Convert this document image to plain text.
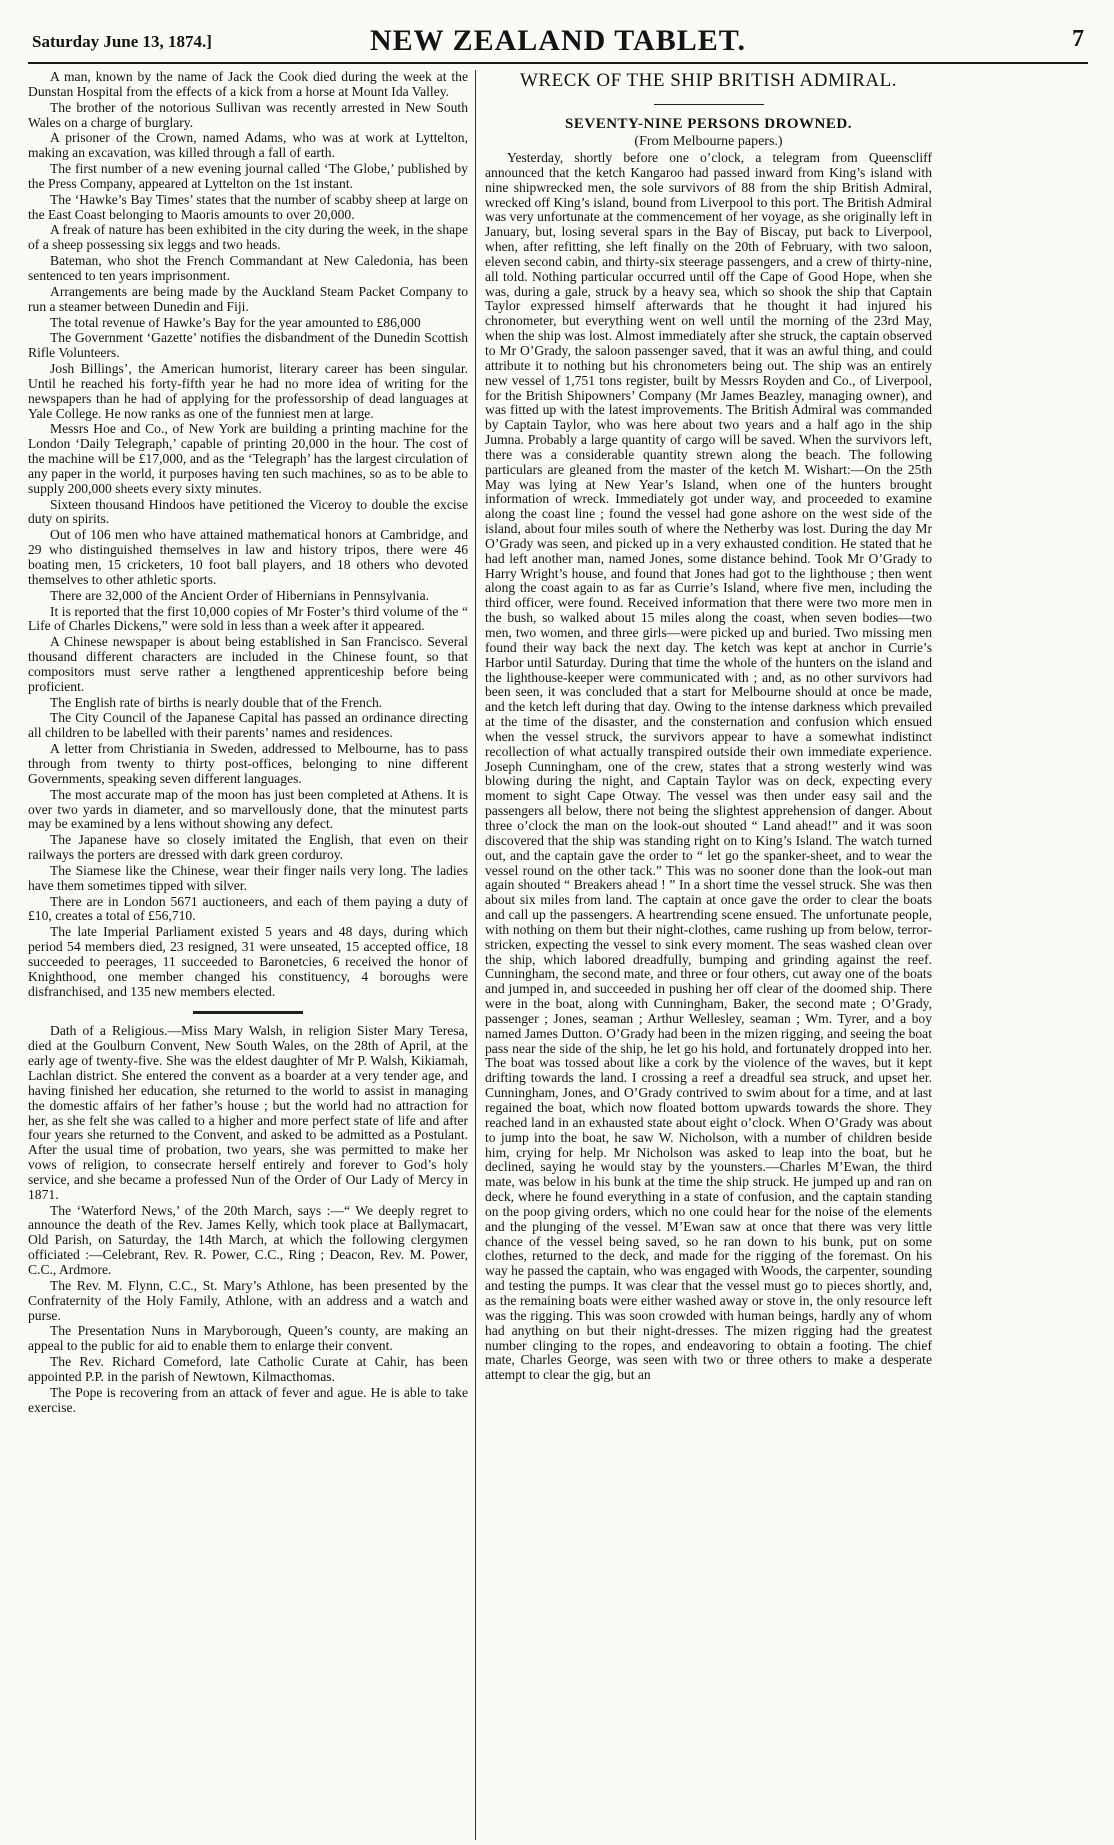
Saturday June 13, 1874.]	NEW ZEALAND TABLET.	7

A man, known by the name of Jack the Cook died during the week at the Dunstan Hospital from the effects of a kick from a horse at Mount Ida Valley.

The brother of the notorious Sullivan was recently arrested in New South Wales on a charge of burglary.

A prisoner of the Crown, named Adams, who was at work at Lyttelton, making an excavation, was killed through a fall of earth.

The first number of a new evening journal called ‘The Globe,’ published by the Press Company, appeared at Lyttelton on the 1st instant.

The ‘Hawke’s Bay Times’ states that the number of scabby sheep at large on the East Coast belonging to Maoris amounts to over 20,000.

A freak of nature has been exhibited in the city during the week, in the shape of a sheep possessing six leggs and two heads.

Bateman, who shot the French Commandant at New Caledonia, has been sentenced to ten years imprisonment.

Arrangements are being made by the Auckland Steam Packet Company to run a steamer between Dunedin and Fiji.

The total revenue of Hawke’s Bay for the year amounted to £86,000

The Government ‘Gazette’ notifies the disbandment of the Dunedin Scottish Rifle Volunteers.

Josh Billings’, the American humorist, literary career has been singular. Until he reached his forty-fifth year he had no more idea of writing for the newspapers than he had of applying for the professorship of dead languages at Yale College. He now ranks as one of the funniest men at large.

Messrs Hoe and Co., of New York are building a printing machine for the London ‘Daily Telegraph,’ capable of printing 20,000 in the hour. The cost of the machine will be £17,000, and as the ‘Telegraph’ has the largest circulation of any paper in the world, it purposes having ten such machines, so as to be able to supply 200,000 sheets every sixty minutes.

Sixteen thousand Hindoos have petitioned the Viceroy to double the excise duty on spirits.

Out of 106 men who have attained mathematical honors at Cambridge, and 29 who distinguished themselves in law and history tripos, there were 46 boating men, 15 cricketers, 10 foot ball players, and 18 others who devoted themselves to other athletic sports.

There are 32,000 of the Ancient Order of Hibernians in Pennsylvania.

It is reported that the first 10,000 copies of Mr Foster’s third volume of the “ Life of Charles Dickens,” were sold in less than a week after it appeared.

A Chinese newspaper is about being established in San Francisco. Several thousand different characters are included in the Chinese fount, so that compositors must serve rather a lengthened apprenticeship before being proficient.

The English rate of births is nearly double that of the French.

The City Council of the Japanese Capital has passed an ordinance directing all children to be labelled with their parents’ names and residences.

A letter from Christiania in Sweden, addressed to Melbourne, has to pass through from twenty to thirty post-offices, belonging to nine different Governments, speaking seven different languages.

The most accurate map of the moon has just been completed at Athens. It is over two yards in diameter, and so marvellously done, that the minutest parts may be examined by a lens without showing any defect.

The Japanese have so closely imitated the English, that even on their railways the porters are dressed with dark green corduroy.

The Siamese like the Chinese, wear their finger nails very long. The ladies have them sometimes tipped with silver.

There are in London 5671 auctioneers, and each of them paying a duty of £10, creates a total of £56,710.

The late Imperial Parliament existed 5 years and 48 days, during which period 54 members died, 23 resigned, 31 were unseated, 15 accepted office, 18 succeeded to peerages, 11 succeeded to Baronetcies, 6 received the honor of Knighthood, one member changed his constituency, 4 boroughs were disfranchised, and 135 new members elected.

Dath of a Religious.—Miss Mary Walsh, in religion Sister Mary Teresa, died at the Goulburn Convent, New South Wales, on the 28th of April, at the early age of twenty-five. She was the eldest daughter of Mr P. Walsh, Kikiamah, Lachlan district. She entered the convent as a boarder at a very tender age, and having finished her education, she returned to the world to assist in managing the domestic affairs of her father’s house ; but the world had no attraction for her, as she felt she was called to a higher and more perfect state of life and after four years she returned to the Convent, and asked to be admitted as a Postulant. After the usual time of probation, two years, she was permitted to make her vows of religion, to consecrate herself entirely and forever to God’s holy service, and she became a professed Nun of the Order of Our Lady of Mercy in 1871.

The ‘Waterford News,’ of the 20th March, says :—“ We deeply regret to announce the death of the Rev. James Kelly, which took place at Ballymacart, Old Parish, on Saturday, the 14th March, at which the following clergymen officiated :—Celebrant, Rev. R. Power, C.C., Ring ; Deacon, Rev. M. Power, C.C., Ardmore.

The Rev. M. Flynn, C.C., St. Mary’s Athlone, has been presented by the Confraternity of the Holy Family, Athlone, with an address and a watch and purse.

The Presentation Nuns in Maryborough, Queen’s county, are making an appeal to the public for aid to enable them to enlarge their convent.

The Rev. Richard Comeford, late Catholic Curate at Cahir, has been appointed P.P. in the parish of Newtown, Kilmacthomas.

The Pope is recovering from an attack of fever and ague. He is able to take exercise.

WRECK OF THE SHIP BRITISH ADMIRAL.
SEVENTY-NINE PERSONS DROWNED.
(From Melbourne papers.)

Yesterday, shortly before one o’clock, a telegram from Queenscliff announced that the ketch Kangaroo had passed inward from King’s island with nine shipwrecked men, the sole survivors of 88 from the ship British Admiral, wrecked off King’s island, bound from Liverpool to this port. The British Admiral was very unfortunate at the commencement of her voyage, as she originally left in January, but, losing several spars in the Bay of Biscay, put back to Liverpool, when, after refitting, she left finally on the 20th of February, with two saloon, eleven second cabin, and thirty-six steerage passengers, and a crew of thirty-nine, all told. Nothing particular occurred until off the Cape of Good Hope, when she was, during a gale, struck by a heavy sea, which so shook the ship that Captain Taylor expressed himself afterwards that he thought it had injured his chronometer, but everything went on well until the morning of the 23rd May, when the ship was lost. Almost immediately after she struck, the captain observed to Mr O’Grady, the saloon passenger saved, that it was an awful thing, and could attribute it to nothing but his chronometers being out. The ship was an entirely new vessel of 1,751 tons register, built by Messrs Royden and Co., of Liverpool, for the British Shipowners’ Company (Mr James Beazley, managing owner), and was fitted up with the latest improvements. The British Admiral was commanded by Captain Taylor, who was here about two years and a half ago in the ship Jumna. Probably a large quantity of cargo will be saved. When the survivors left, there was a considerable quantity strewn along the beach. The following particulars are gleaned from the master of the ketch M. Wishart:—On the 25th May was lying at New Year’s Island, when one of the hunters brought information of wreck. Immediately got under way, and proceeded to examine along the coast line ; found the vessel had gone ashore on the west side of the island, about four miles south of where the Netherby was lost. During the day Mr O’Grady was seen, and picked up in a very exhausted condition. He stated that he had left another man, named Jones, some distance behind. Took Mr O’Grady to Harry Wright’s house, and found that Jones had got to the lighthouse ; then went along the coast again to as far as Currie’s Island, where five men, including the third officer, were found. Received information that there were two more men in the bush, so walked about 15 miles along the coast, when seven bodies—two men, two women, and three girls—were picked up and buried. Two missing men found their way back the next day. The ketch was kept at anchor in Currie’s Harbor until Saturday. During that time the whole of the hunters on the island and the lighthouse-keeper were communicated with ; and, as no other survivors had been seen, it was concluded that a start for Melbourne should at once be made, and the ketch left during that day. Owing to the intense darkness which prevailed at the time of the disaster, and the consternation and confusion which ensued when the vessel struck, the survivors appear to have a somewhat indistinct recollection of what actually transpired outside their own immediate experience. Joseph Cunningham, one of the crew, states that a strong westerly wind was blowing during the night, and Captain Taylor was on deck, expecting every moment to sight Cape Otway. The vessel was then under easy sail and the passengers all below, there not being the slightest apprehension of danger. About three o’clock the man on the look-out shouted “ Land ahead!” and it was soon discovered that the ship was standing right on to King’s Island. The watch turned out, and the captain gave the order to “ let go the spanker-sheet, and to wear the vessel round on the other tack.” This was no sooner done than the look-out man again shouted “ Breakers ahead ! ” In a short time the vessel struck. She was then about six miles from land. The captain at once gave the order to clear the boats and call up the passengers. A heartrending scene ensued. The unfortunate people, with nothing on them but their night-clothes, came rushing up from below, terror-stricken, expecting the vessel to sink every moment. The seas washed clean over the ship, which labored dreadfully, bumping and grinding against the reef. Cunningham, the second mate, and three or four others, cut away one of the boats and jumped in, and succeeded in pushing her off clear of the doomed ship. There were in the boat, along with Cunningham, Baker, the second mate ; O’Grady, passenger ; Jones, seaman ; Arthur Wellesley, seaman ; Wm. Tyrer, and a boy named James Dutton. O’Grady had been in the mizen rigging, and seeing the boat pass near the side of the ship, he let go his hold, and fortunately dropped into her. The boat was tossed about like a cork by the violence of the waves, but it kept drifting towards the land. I crossing a reef a dreadful sea struck, and upset her. Cunningham, Jones, and O’Grady contrived to swim about for a time, and at last regained the boat, which now floated bottom upwards towards the shore. They reached land in an exhausted state about eight o’clock. When O’Grady was about to jump into the boat, he saw W. Nicholson, with a number of children beside him, crying for help. Mr Nicholson was asked to leap into the boat, but he declined, saying he would stay by the younsters.—Charles M’Ewan, the third mate, was below in his bunk at the time the ship struck. He jumped up and ran on deck, where he found everything in a state of confusion, and the captain standing on the poop giving orders, which no one could hear for the noise of the elements and the plunging of the vessel. M’Ewan saw at once that there was very little chance of the vessel being saved, so he ran down to his bunk, put on some clothes, returned to the deck, and made for the rigging of the foremast. On his way he passed the captain, who was engaged with Woods, the carpenter, sounding and testing the pumps. It was clear that the vessel must go to pieces shortly, and, as the remaining boats were either washed away or stove in, the only resource left was the rigging. This was soon crowded with human beings, hardly any of whom had anything on but their night-dresses. The mizen rigging had the greatest number clinging to the ropes, and endeavoring to obtain a footing. The chief mate, Charles George, was seen with two or three others to make a desperate attempt to clear the gig, but an
